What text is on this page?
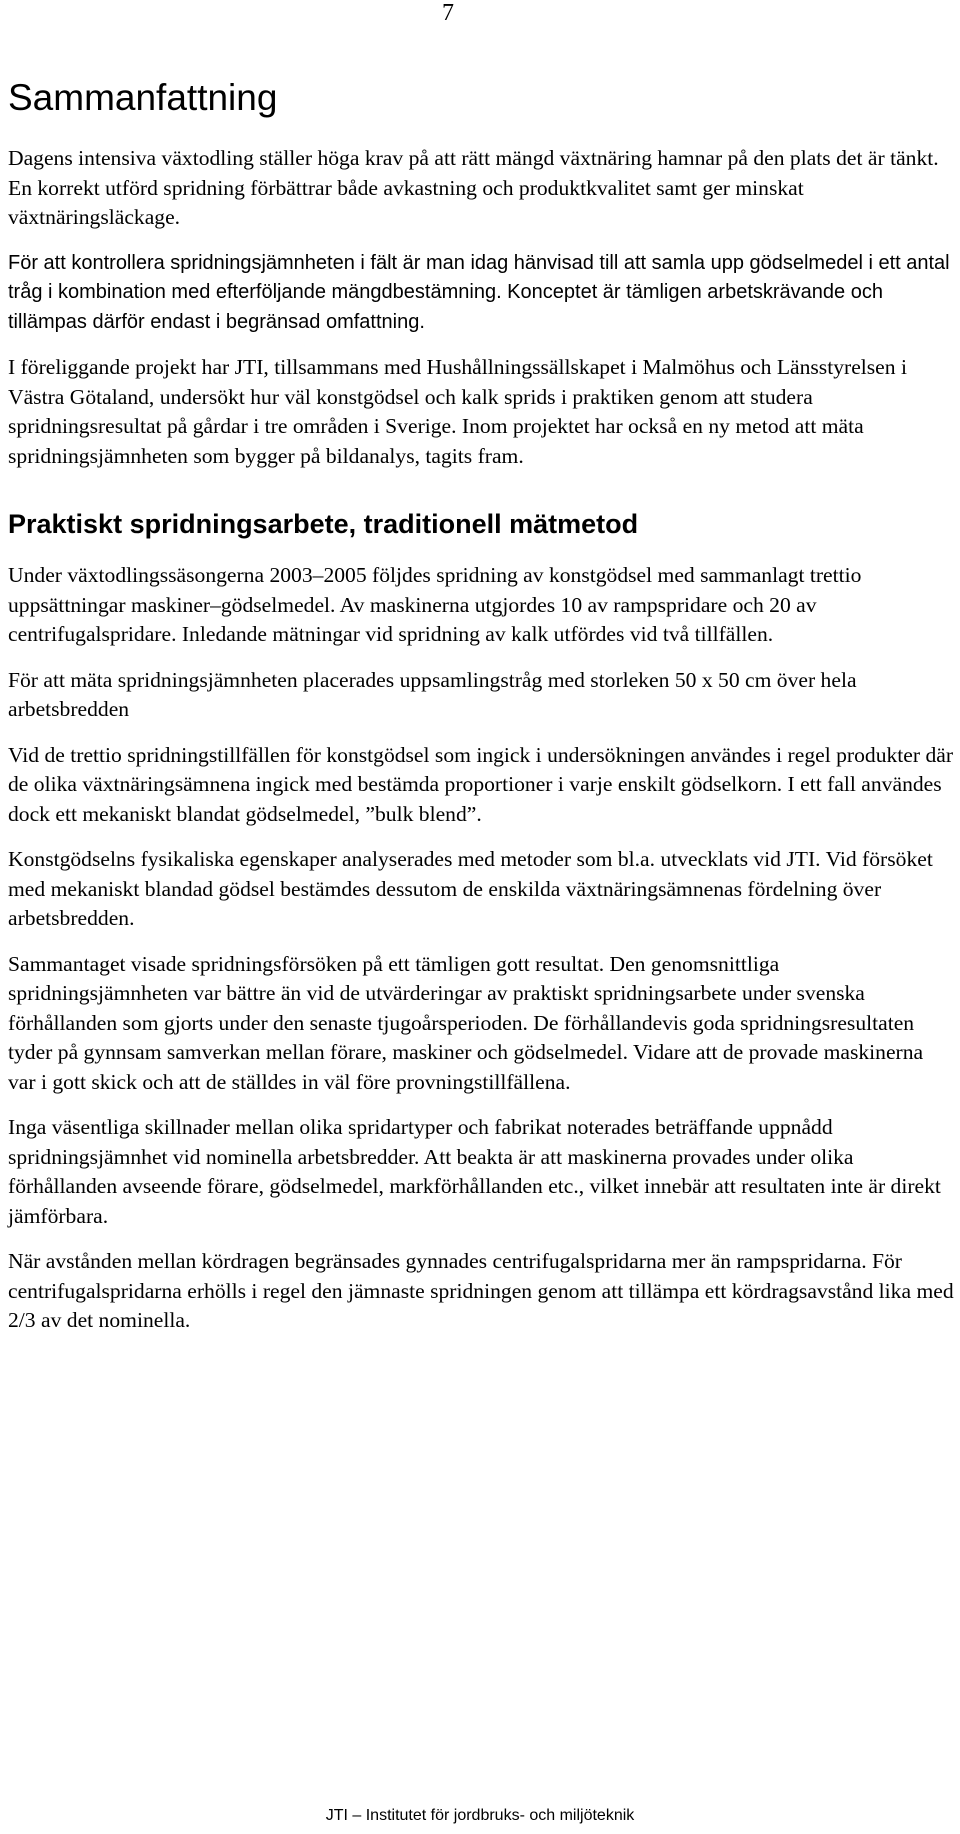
7
Sammanfattning

Dagens intensiva växtodling ställer höga krav på att rätt mängd växtnäring hamnar på den plats det är tänkt. En korrekt utförd spridning förbättrar både avkastning och produktkvalitet samt ger minskat växtnäringsläckage.

För att kontrollera spridningsjämnheten i fält är man idag hänvisad till att samla upp gödselmedel i ett antal tråg i kombination med efterföljande mängdbestämning. Konceptet är tämligen arbetskrävande och tillämpas därför endast i begränsad omfattning.

I föreliggande projekt har JTI, tillsammans med Hushållningssällskapet i Malmöhus och Länsstyrelsen i Västra Götaland, undersökt hur väl konstgödsel och kalk sprids i praktiken genom att studera spridningsresultat på gårdar i tre områden i Sverige. Inom projektet har också en ny metod att mäta spridningsjämnheten som bygger på bildanalys, tagits fram.

Praktiskt spridningsarbete, traditionell mätmetod

Under växtodlingssäsongerna 2003–2005 följdes spridning av konstgödsel med sammanlagt trettio uppsättningar maskiner–gödselmedel. Av maskinerna utgjordes 10 av rampspridare och 20 av centrifugalspridare. Inledande mätningar vid spridning av kalk utfördes vid två tillfällen.

För att mäta spridningsjämnheten placerades uppsamlingstråg med storleken 50 x 50 cm över hela arbetsbredden

Vid de trettio spridningstillfällen för konstgödsel som ingick i undersökningen användes i regel produkter där de olika växtnäringsämnena ingick med bestämda proportioner i varje enskilt gödselkorn. I ett fall användes dock ett mekaniskt blandat gödselmedel, ”bulk blend”.

Konstgödselns fysikaliska egenskaper analyserades med metoder som bl.a. utvecklats vid JTI. Vid försöket med mekaniskt blandad gödsel bestämdes dessutom de enskilda växtnäringsämnenas fördelning över arbetsbredden.

Sammantaget visade spridningsförsöken på ett tämligen gott resultat. Den genomsnittliga spridningsjämnheten var bättre än vid de utvärderingar av praktiskt spridningsarbete under svenska förhållanden som gjorts under den senaste tjugoårsperioden. De förhållandevis goda spridningsresultaten tyder på gynnsam samverkan mellan förare, maskiner och gödselmedel. Vidare att de provade maskinerna var i gott skick och att de ställdes in väl före provningstillfällena.

Inga väsentliga skillnader mellan olika spridartyper och fabrikat noterades beträffande uppnådd spridningsjämnhet vid nominella arbetsbredder. Att beakta är att maskinerna provades under olika förhållanden avseende förare, gödselmedel, markförhållanden etc., vilket innebär att resultaten inte är direkt jämförbara.

När avstånden mellan kördragen begränsades gynnades centrifugalspridarna mer än rampspridarna. För centrifugalspridarna erhölls i regel den jämnaste spridningen genom att tillämpa ett kördragsavstånd lika med 2/3 av det nominella.

JTI – Institutet för jordbruks- och miljöteknik
